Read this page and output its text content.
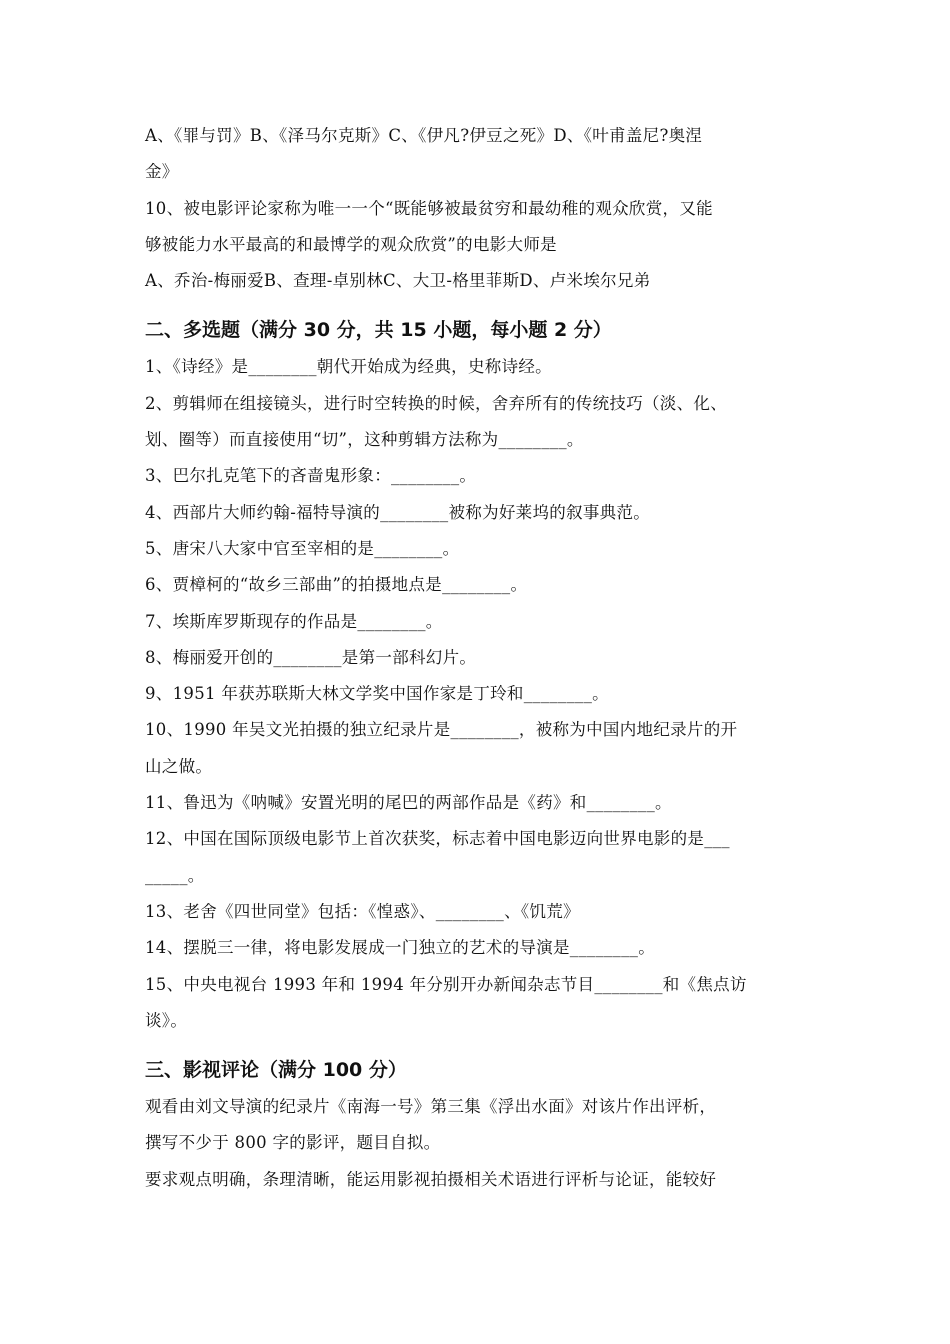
A、《罪与罚》B、《泽马尔克斯》C、《伊凡?伊豆之死》D、《叶甫盖尼?奥涅
金》
10、被电影评论家称为唯一一个“既能够被最贫穷和最幼稚的观众欣赏，又能
够被能力水平最高的和最博学的观众欣赏”的电影大师是
A、乔治-梅丽爱B、查理-卓别林C、大卫-格里菲斯D、卢米埃尔兄弟
二、多选题（满分 30 分，共 15 小题，每小题 2 分）
1、《诗经》是________朝代开始成为经典，史称诗经。
2、剪辑师在组接镜头，进行时空转换的时候，舍弃所有的传统技巧（淡、化、
划、圈等）而直接使用“切”，这种剪辑方法称为________。
3、巴尔扎克笔下的吝啬鬼形象：________。
4、西部片大师约翰-福特导演的________被称为好莱坞的叙事典范。
5、唐宋八大家中官至宰相的是________。
6、贾樟柯的“故乡三部曲”的拍摄地点是________。
7、埃斯库罗斯现存的作品是________。
8、梅丽爱开创的________是第一部科幻片。
9、1951 年获苏联斯大林文学奖中国作家是丁玲和________。
10、1990 年吴文光拍摄的独立纪录片是________，被称为中国内地纪录片的开
山之做。
11、鲁迅为《呐喊》安置光明的尾巴的两部作品是《药》和________。
12、中国在国际顶级电影节上首次获奖，标志着中国电影迈向世界电影的是___
_____。
13、老舍《四世同堂》包括：《惶惑》、________、《饥荒》
14、摆脱三一律，将电影发展成一门独立的艺术的导演是________。
15、中央电视台 1993 年和 1994 年分别开办新闻杂志节目________和《焦点访
谈》。
三、影视评论（满分 100 分）
观看由刘文导演的纪录片《南海一号》第三集《浮出水面》对该片作出评析，
撰写不少于 800 字的影评，题目自拟。
要求观点明确，条理清晰，能运用影视拍摄相关术语进行评析与论证，能较好
